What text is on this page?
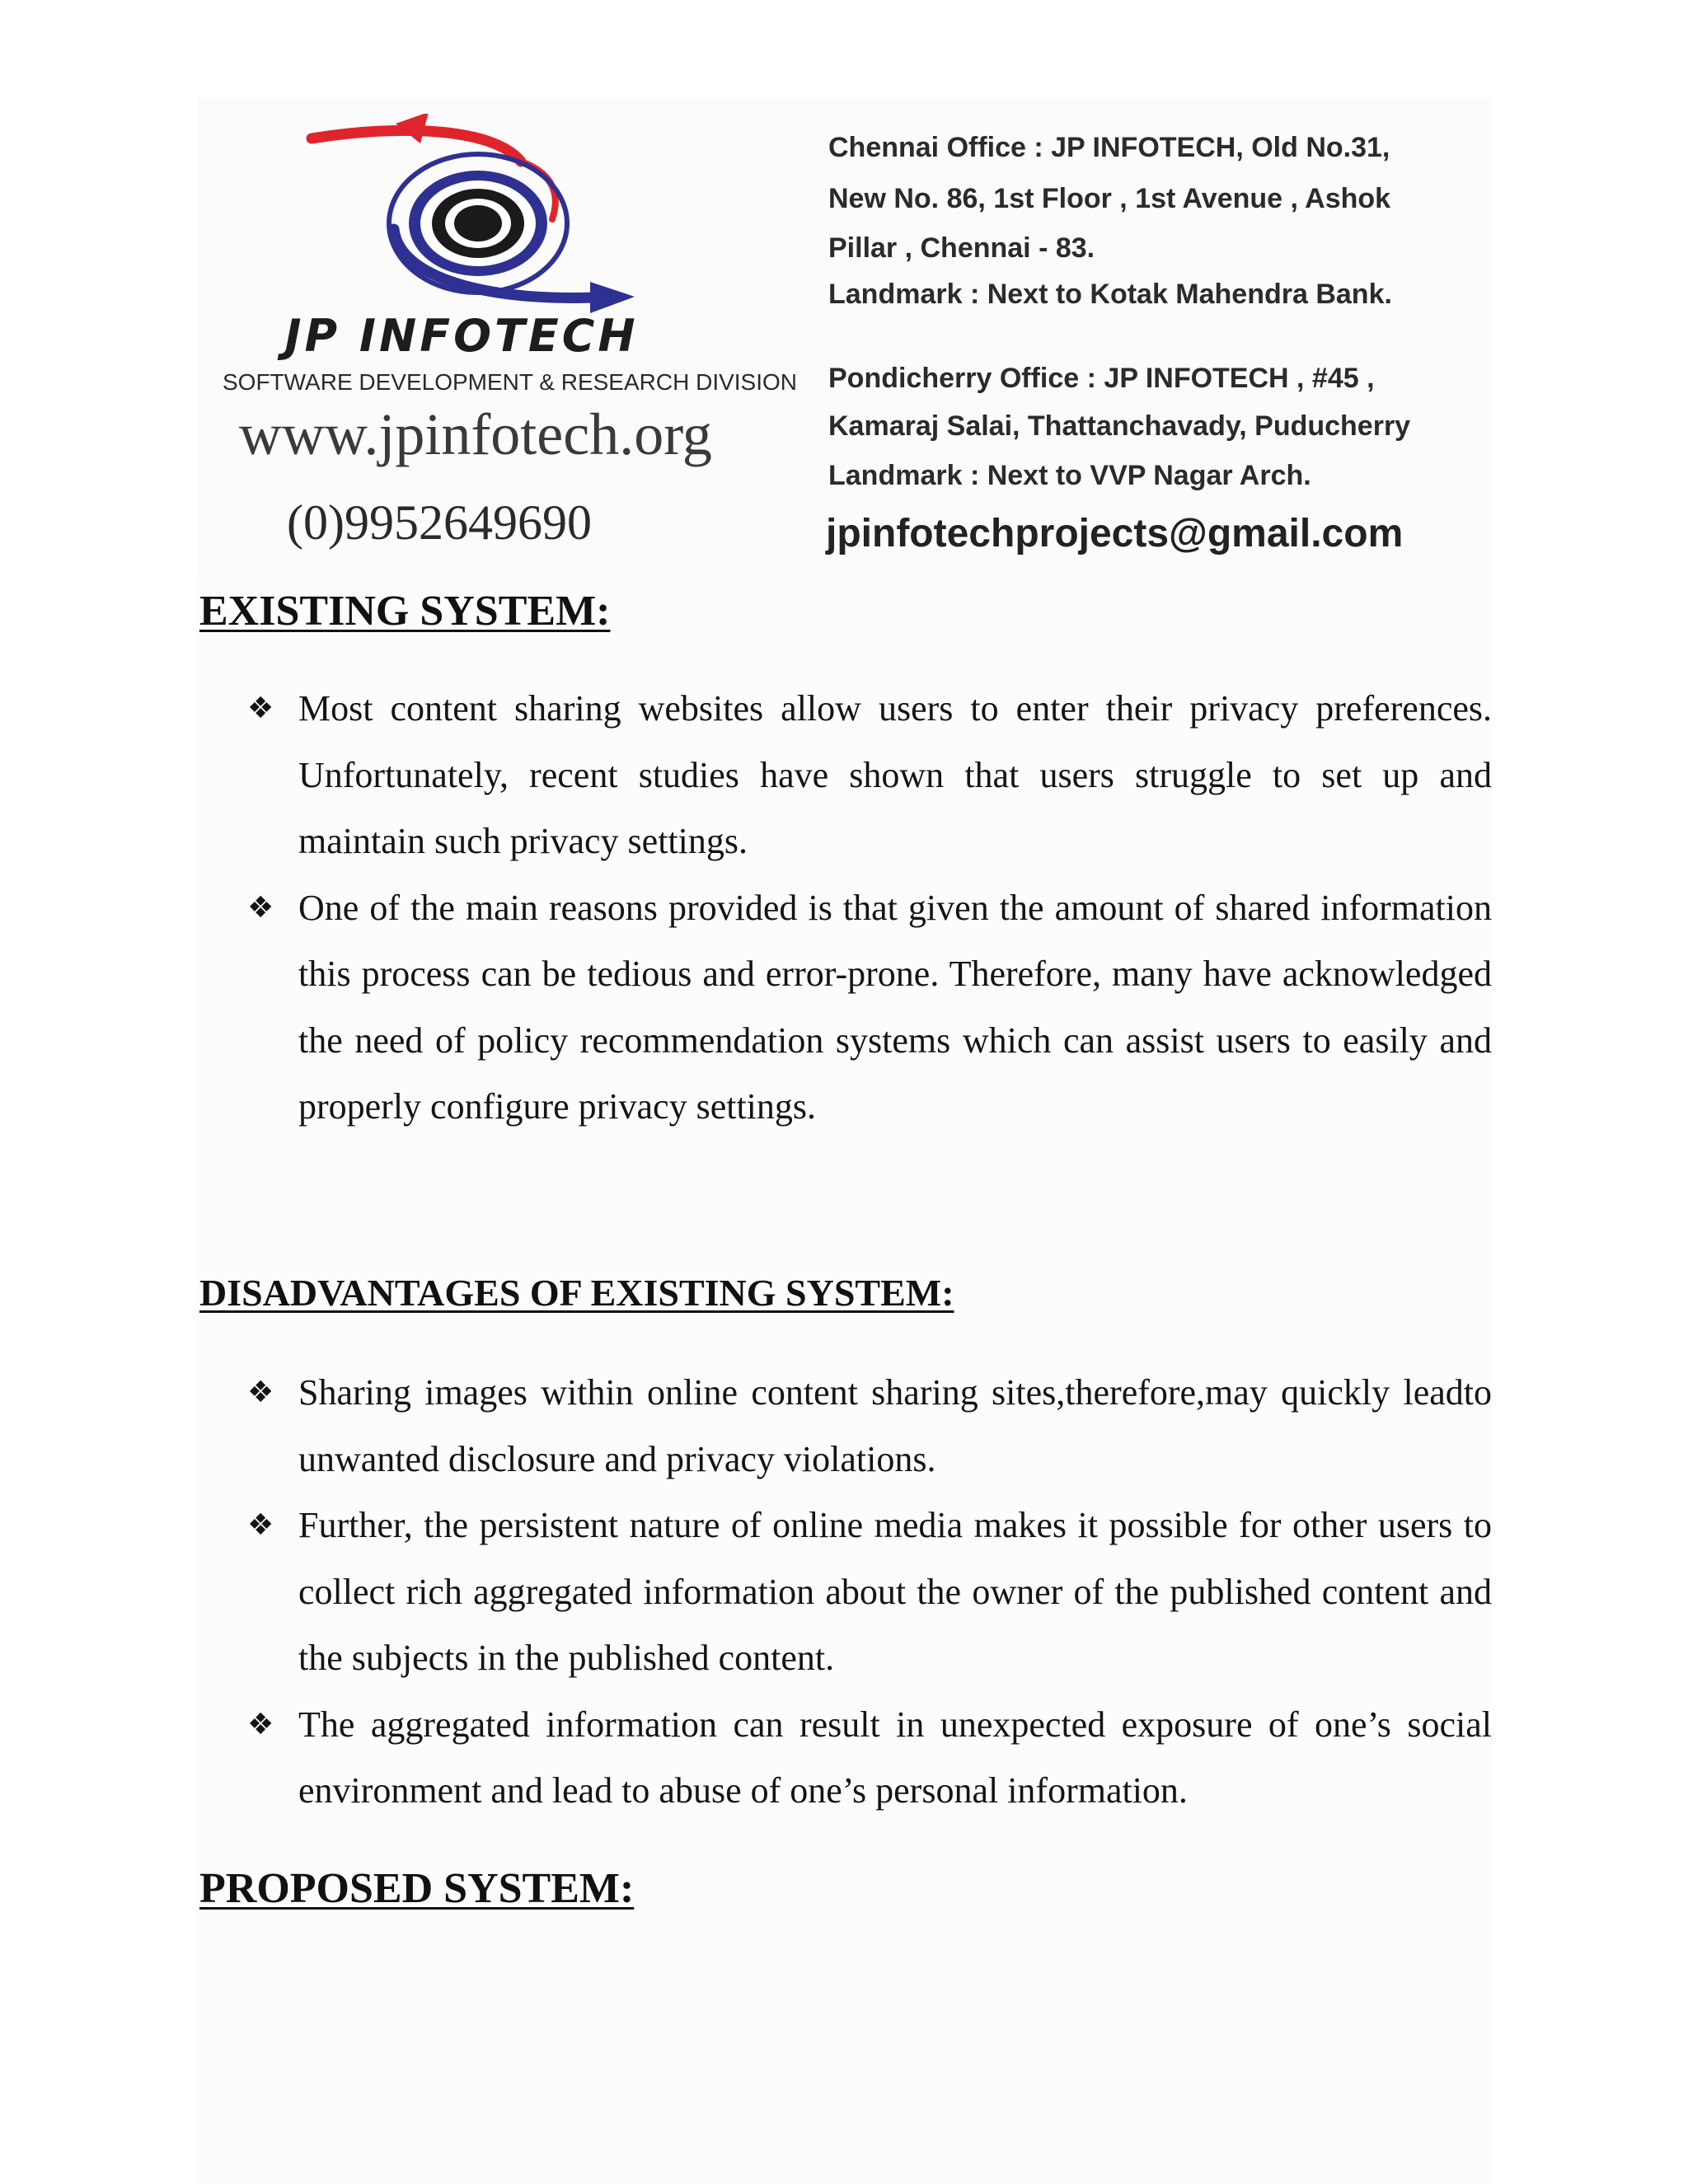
JP INFOTECH
SOFTWARE DEVELOPMENT & RESEARCH DIVISION
www.jpinfotech.org
(0)9952649690
Chennai Office : JP INFOTECH, Old No.31,
New No. 86, 1st Floor , 1st Avenue , Ashok
Pillar , Chennai - 83.
Landmark : Next to Kotak Mahendra Bank.
Pondicherry Office : JP INFOTECH , #45 ,
Kamaraj Salai, Thattanchavady, Puducherry
Landmark : Next to VVP Nagar Arch.
jpinfotechprojects@gmail.com
EXISTING SYSTEM:
❖ Most content sharing websites allow users to enter their privacy preferences. Unfortunately, recent studies have shown that users struggle to set up and maintain such privacy settings.
❖ One of the main reasons provided is that given the amount of shared information this process can be tedious and error-prone. Therefore, many have acknowledged the need of policy recommendation systems which can assist users to easily and properly configure privacy settings.
DISADVANTAGES OF EXISTING SYSTEM:
❖ Sharing images within online content sharing sites,therefore,may quickly leadto unwanted disclosure and privacy violations.
❖ Further, the persistent nature of online media makes it possible for other users to collect rich aggregated information about the owner of the published content and the subjects in the published content.
❖ The aggregated information can result in unexpected exposure of one’s social environment and lead to abuse of one’s personal information.
PROPOSED SYSTEM:
